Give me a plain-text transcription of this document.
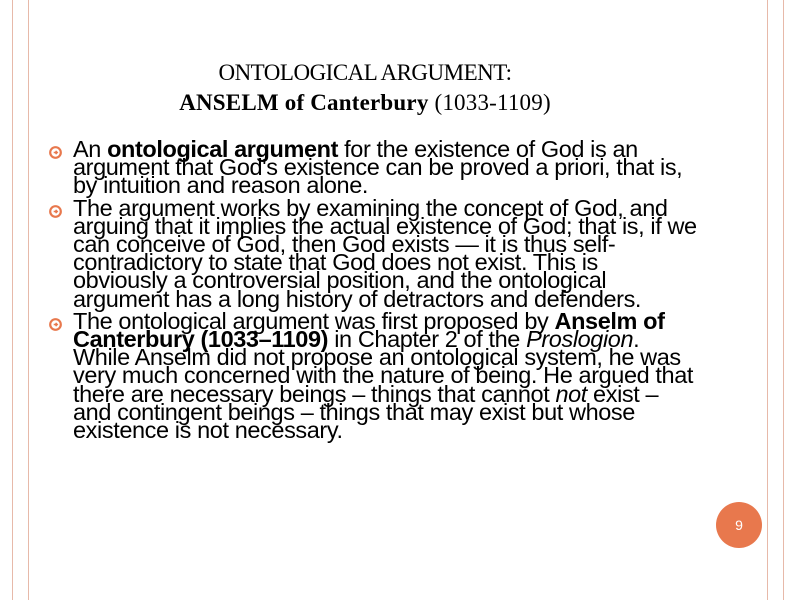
ONTOLOGICAL ARGUMENT:
ANSELM of Canterbury (1033-1109)
An ontological argument for the existence of God is an argument that God's existence can be proved a priori, that is, by intuition and reason alone.
The argument works by examining the concept of God, and arguing that it implies the actual existence of God; that is, if we can conceive of God, then God exists — it is thus self-contradictory to state that God does not exist. This is obviously a controversial position, and the ontological argument has a long history of detractors and defenders.
The ontological argument was first proposed by Anselm of Canterbury (1033–1109) in Chapter 2 of the Proslogion. While Anselm did not propose an ontological system, he was very much concerned with the nature of being. He argued that there are necessary beings – things that cannot not exist – and contingent beings – things that may exist but whose existence is not necessary.
9
